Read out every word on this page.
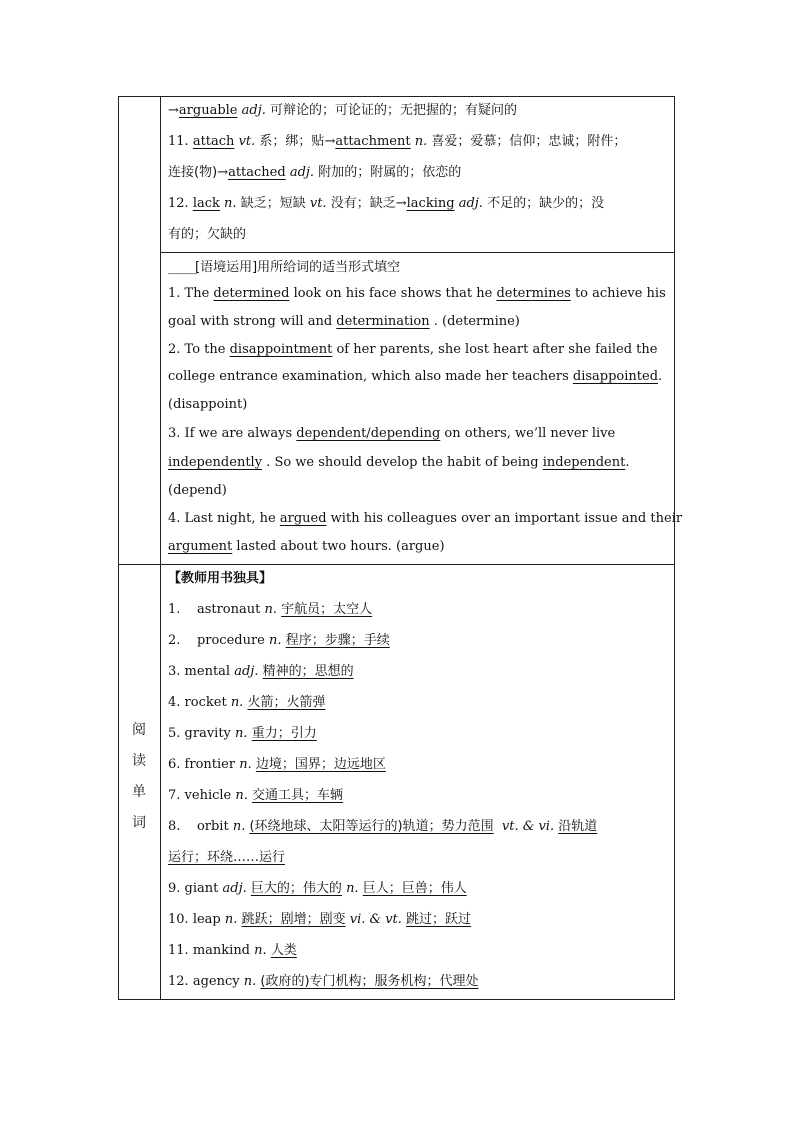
→arguable adj. 可辩论的；可论证的；无把握的；有疑问的
11. attach vt. 系；绑；贴→attachment n. 喜爱；爱慕；信仰；忠诚；附件；
连接(物)→attached adj. 附加的；附属的；依恋的
12. lack n. 缺乏；短缺 vt. 没有；缺乏→lacking adj. 不足的；缺少的；没
有的；欠缺的
______[语境运用]用所给词的适当形式填空
1. The determined look on his face shows that he determines to achieve his
goal with strong will and determination . (determine)
2. To the disappointment of her parents, she lost heart after she failed the
college entrance examination, which also made her teachers disappointed.
(disappoint)
3. If we are always dependent/depending on others, we’ll never live
independently . So we should develop the habit of being independent.
(depend)
4. Last night, he argued with his colleagues over an important issue and their
argument lasted about two hours. (argue)
阅
读
单
词
【教师用书独具】
1. astronaut n. 宇航员；太空人
2. procedure n. 程序；步骤；手续
3. mental adj. 精神的；思想的
4. rocket n. 火箭；火箭弹
5. gravity n. 重力；引力
6. frontier n. 边境；国界；边远地区
7. vehicle n. 交通工具；车辆
8. orbit n. (环绕地球、太阳等运行的)轨道；势力范围 vt. & vi. 沿轨道
运行；环绕……运行
9. giant adj. 巨大的；伟大的 n. 巨人；巨兽；伟人
10. leap n. 跳跃；剧增；剧变 vi. & vt. 跳过；跃过
11. mankind n. 人类
12. agency n. (政府的)专门机构；服务机构；代理处
